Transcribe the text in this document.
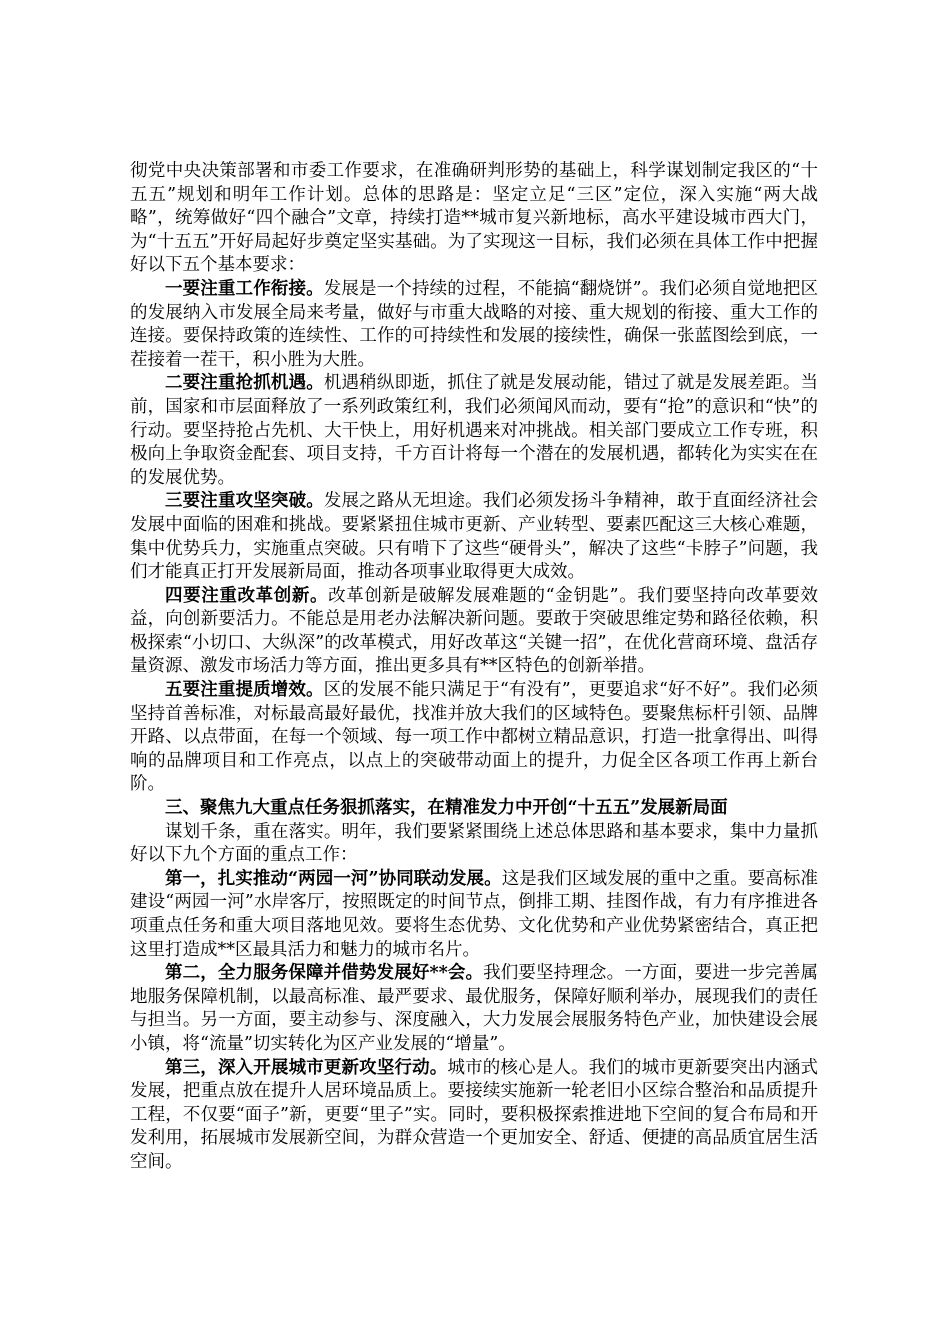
彻党中央决策部署和市委工作要求，在准确研判形势的基础上，科学谋划制定我区的“十五五”规划和明年工作计划。总体的思路是：坚定立足“三区”定位，深入实施“两大战略”，统筹做好“四个融合”文章，持续打造**城市复兴新地标，高水平建设城市西大门，为“十五五”开好局起好步奠定坚实基础。为了实现这一目标，我们必须在具体工作中把握好以下五个基本要求：

一要注重工作衔接。发展是一个持续的过程，不能搞“翻烧饼”。我们必须自觉地把区的发展纳入市发展全局来考量，做好与市重大战略的对接、重大规划的衔接、重大工作的连接。要保持政策的连续性、工作的可持续性和发展的接续性，确保一张蓝图绘到底，一茬接着一茬干，积小胜为大胜。

二要注重抢抓机遇。机遇稍纵即逝，抓住了就是发展动能，错过了就是发展差距。当前，国家和市层面释放了一系列政策红利，我们必须闻风而动，要有“抢”的意识和“快”的行动。要坚持抢占先机、大干快上，用好机遇来对冲挑战。相关部门要成立工作专班，积极向上争取资金配套、项目支持，千方百计将每一个潜在的发展机遇，都转化为实实在在的发展优势。

三要注重攻坚突破。发展之路从无坦途。我们必须发扬斗争精神，敢于直面经济社会发展中面临的困难和挑战。要紧紧扭住城市更新、产业转型、要素匹配这三大核心难题，集中优势兵力，实施重点突破。只有啃下了这些“硬骨头”，解决了这些“卡脖子”问题，我们才能真正打开发展新局面，推动各项事业取得更大成效。

四要注重改革创新。改革创新是破解发展难题的“金钥匙”。我们要坚持向改革要效益，向创新要活力。不能总是用老办法解决新问题。要敢于突破思维定势和路径依赖，积极探索“小切口、大纵深”的改革模式，用好改革这“关键一招”，在优化营商环境、盘活存量资源、激发市场活力等方面，推出更多具有**区特色的创新举措。

五要注重提质增效。区的发展不能只满足于“有没有”，更要追求“好不好”。我们必须坚持首善标准，对标最高最好最优，找准并放大我们的区域特色。要聚焦标杆引领、品牌开路、以点带面，在每一个领域、每一项工作中都树立精品意识，打造一批拿得出、叫得响的品牌项目和工作亮点，以点上的突破带动面上的提升，力促全区各项工作再上新台阶。

三、聚焦九大重点任务狠抓落实，在精准发力中开创“十五五”发展新局面

谋划千条，重在落实。明年，我们要紧紧围绕上述总体思路和基本要求，集中力量抓好以下九个方面的重点工作：

第一，扎实推动“两园一河”协同联动发展。这是我们区域发展的重中之重。要高标准建设“两园一河”水岸客厅，按照既定的时间节点，倒排工期、挂图作战，有力有序推进各项重点任务和重大项目落地见效。要将生态优势、文化优势和产业优势紧密结合，真正把这里打造成**区最具活力和魅力的城市名片。

第二，全力服务保障并借势发展好**会。我们要坚持理念。一方面，要进一步完善属地服务保障机制，以最高标准、最严要求、最优服务，保障好顺利举办，展现我们的责任与担当。另一方面，要主动参与、深度融入，大力发展会展服务特色产业，加快建设会展小镇，将“流量”切实转化为区产业发展的“增量”。

第三，深入开展城市更新攻坚行动。城市的核心是人。我们的城市更新要突出内涵式发展，把重点放在提升人居环境品质上。要接续实施新一轮老旧小区综合整治和品质提升工程，不仅要“面子”新，更要“里子”实。同时，要积极探索推进地下空间的复合布局和开发利用，拓展城市发展新空间，为群众营造一个更加安全、舒适、便捷的高品质宜居生活空间。
